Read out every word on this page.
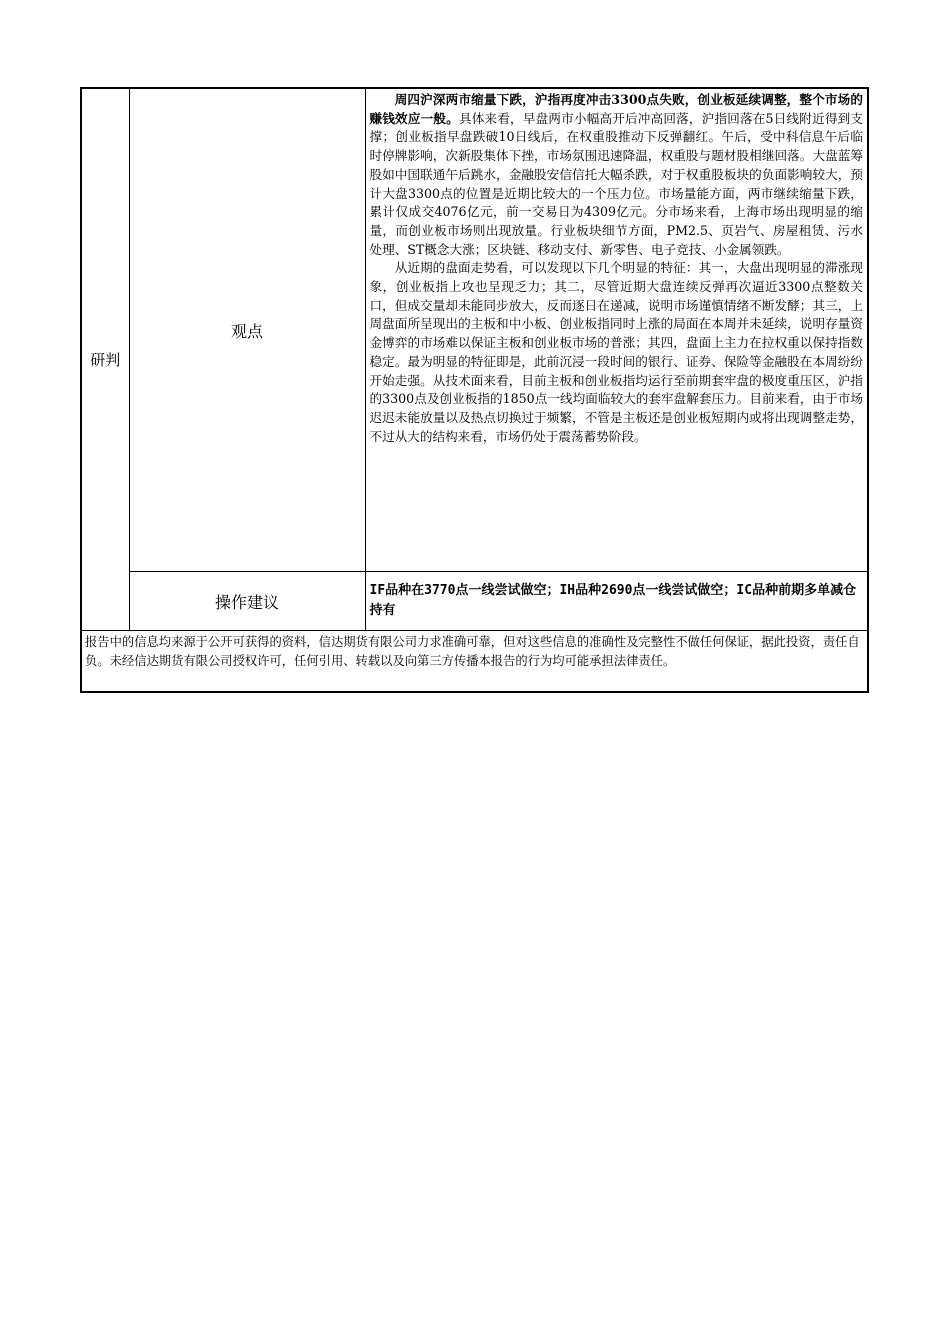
研判	观点	周四沪深两市缩量下跌，沪指再度冲击3300点失败，创业板延续调整，整个市场的赚钱效应一般。具体来看，早盘两市小幅高开后冲高回落，沪指回落在5日线附近得到支撑；创业板指早盘跌破10日线后，在权重股推动下反弹翻红。午后，受中科信息午后临时停牌影响，次新股集体下挫，市场氛围迅速降温，权重股与题材股相继回落。大盘蓝筹股如中国联通午后跳水，金融股安信信托大幅杀跌，对于权重股板块的负面影响较大，预计大盘3300点的位置是近期比较大的一个压力位。市场量能方面，两市继续缩量下跌，累计仅成交4076亿元，前一交易日为4309亿元。分市场来看，上海市场出现明显的缩量，而创业板市场则出现放量。行业板块细节方面，PM2.5、页岩气、房屋租赁、污水处理、ST概念大涨；区块链、移动支付、新零售、电子竞技、小金属领跌。

从近期的盘面走势看，可以发现以下几个明显的特征：其一，大盘出现明显的滞涨现象，创业板指上攻也呈现乏力；其二，尽管近期大盘连续反弹再次逼近3300点整数关口，但成交量却未能同步放大，反而逐日在递减，说明市场谨慎情绪不断发酵；其三，上周盘面所呈现出的主板和中小板、创业板指同时上涨的局面在本周并未延续，说明存量资金博弈的市场难以保证主板和创业板市场的普涨；其四，盘面上主力在拉权重以保持指数稳定。最为明显的特征即是，此前沉浸一段时间的银行、证券、保险等金融股在本周纷纷开始走强。从技术面来看，目前主板和创业板指均运行至前期套牢盘的极度重压区，沪指的3300点及创业板指的1850点一线均面临较大的套牢盘解套压力。目前来看，由于市场迟迟未能放量以及热点切换过于频繁，不管是主板还是创业板短期内或将出现调整走势，不过从大的结构来看，市场仍处于震荡蓄势阶段。

	操作建议	IF品种在3770点一线尝试做空；IH品种2690点一线尝试做空；IC品种前期多单减仓持有
报告中的信息均来源于公开可获得的资料，信达期货有限公司力求准确可靠，但对这些信息的准确性及完整性不做任何保证，据此投资，责任自负。未经信达期货有限公司授权许可，任何引用、转载以及向第三方传播本报告的行为均可能承担法律责任。		
